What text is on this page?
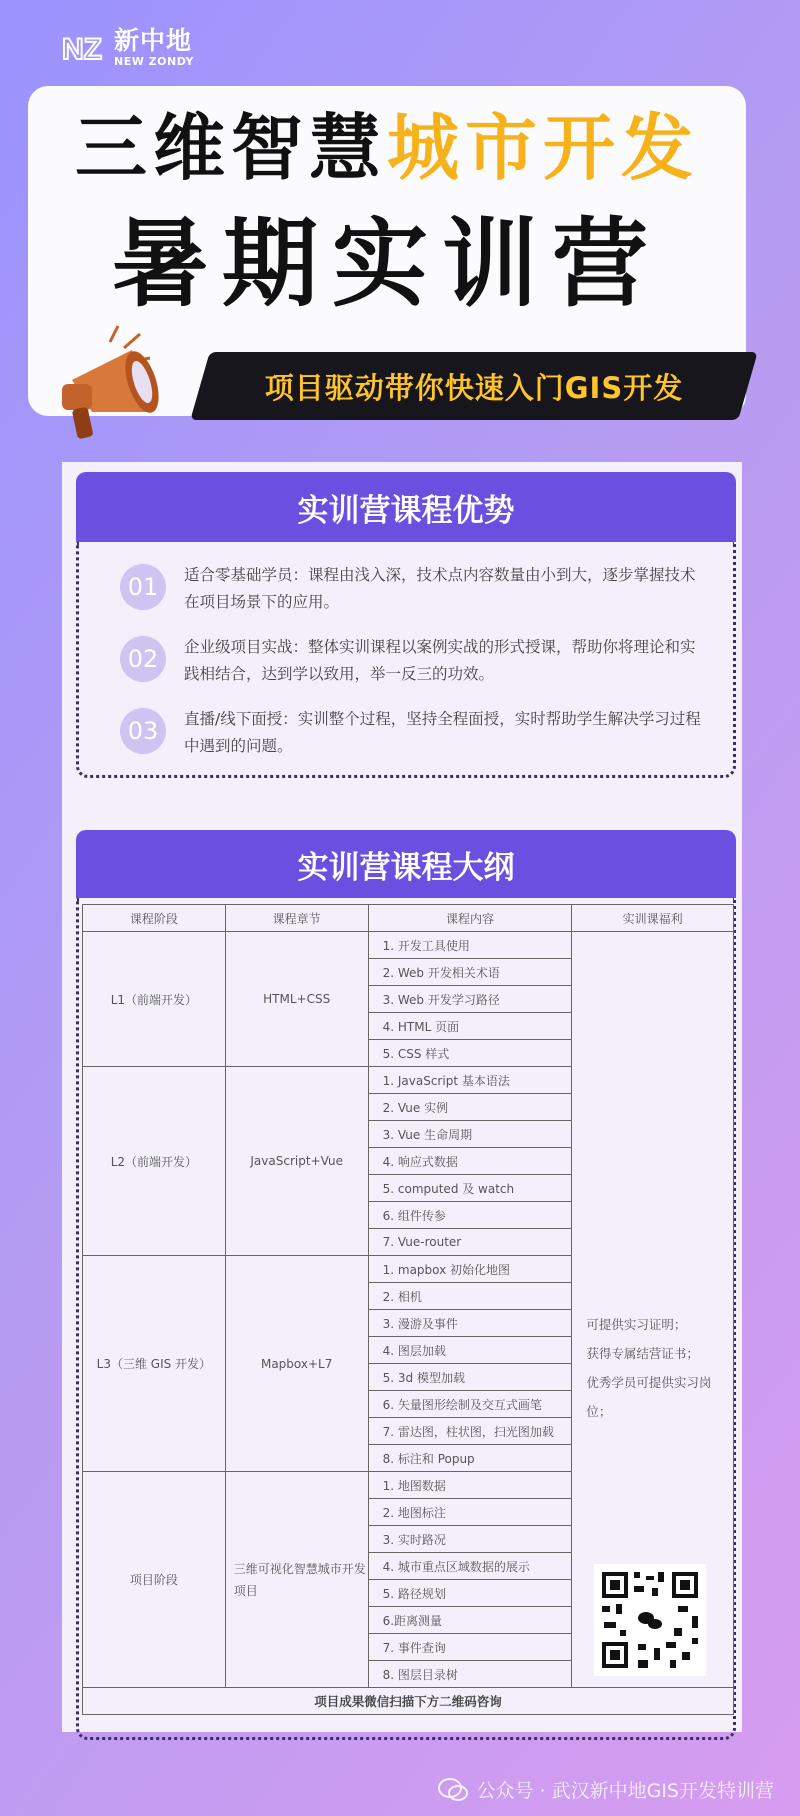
NZ 新中地
NEW ZONDY
三维智慧城市开发
暑期实训营
项目驱动带你快速入门GIS开发
实训营课程优势
01	适合零基础学员：课程由浅入深，技术点内容数量由小到大，逐步掌握技术在项目场景下的应用。
02	企业级项目实战：整体实训课程以案例实战的形式授课，帮助你将理论和实践相结合，达到学以致用，举一反三的功效。
03	直播/线下面授：实训整个过程，坚持全程面授，实时帮助学生解决学习过程中遇到的问题。
实训营课程大纲
课程阶段	课程章节	课程内容	实训课福利
L1（前端开发）	HTML+CSS	1. 开发工具使用	可提供实习证明；
获得专属结营证书；
优秀学员可提供实习岗
位；

		2. Web 开发相关术语	
		3. Web 开发学习路径	
		4. HTML 页面	
		5. CSS 样式	
L2（前端开发）	JavaScript+Vue	1. JavaScript 基本语法	
		2. Vue 实例	
		3. Vue 生命周期	
		4. 响应式数据	
		5. computed 及 watch	
		6. 组件传参	
		7. Vue-router	
L3（三维 GIS 开发）	Mapbox+L7	1. mapbox 初始化地图	
		2. 相机	
		3. 漫游及事件	
		4. 图层加载	
		5. 3d 模型加载	
		6. 矢量图形绘制及交互式画笔	
		7. 雷达图，柱状图，扫光图加载	
		8. 标注和 Popup	
项目阶段	三维可视化智慧城市开发项目	1. 地图数据	
		2. 地图标注	
		3. 实时路况	
		4. 城市重点区域数据的展示	
		5. 路径规划	
		6.距离测量	
		7. 事件查询	
		8. 图层目录树	
项目成果微信扫描下方二维码咨询			
公众号 · 武汉新中地GIS开发特训营
